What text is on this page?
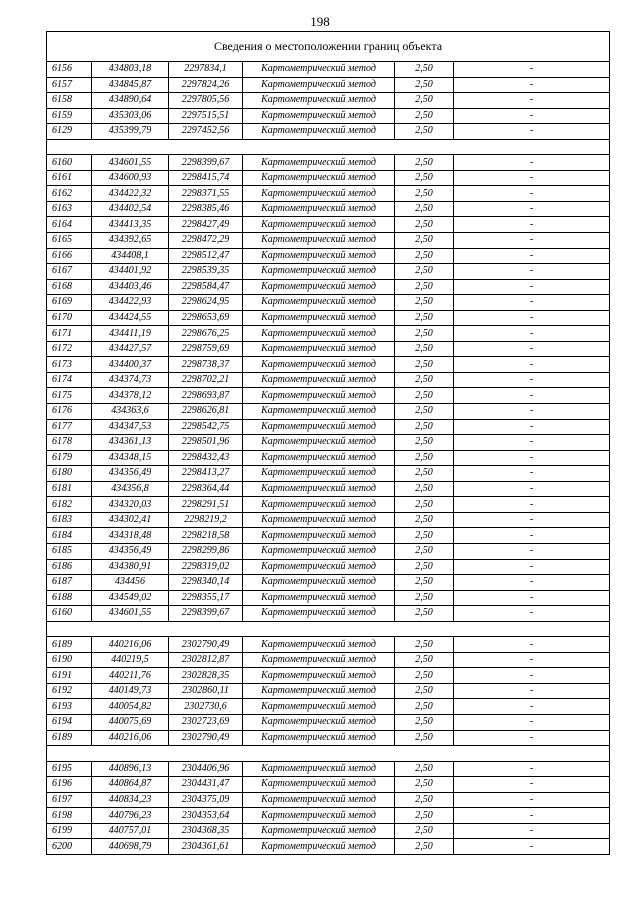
198
Сведения о местоположении границ объекта					
6156	434803,18	2297834,1	Картометрический метод	2,50	-
6157	434845,87	2297824,26	Картометрический метод	2,50	-
6158	434890,64	2297805,56	Картометрический метод	2,50	-
6159	435303,06	2297515,51	Картометрический метод	2,50	-
6129	435399,79	2297452,56	Картометрический метод	2,50	-

6160	434601,55	2298399,67	Картометрический метод	2,50	-
6161	434600,93	2298415,74	Картометрический метод	2,50	-
6162	434422,32	2298371,55	Картометрический метод	2,50	-
6163	434402,54	2298385,46	Картометрический метод	2,50	-
6164	434413,35	2298427,49	Картометрический метод	2,50	-
6165	434392,65	2298472,29	Картометрический метод	2,50	-
6166	434408,1	2298512,47	Картометрический метод	2,50	-
6167	434401,92	2298539,35	Картометрический метод	2,50	-
6168	434403,46	2298584,47	Картометрический метод	2,50	-
6169	434422,93	2298624,95	Картометрический метод	2,50	-
6170	434424,55	2298653,69	Картометрический метод	2,50	-
6171	434411,19	2298676,25	Картометрический метод	2,50	-
6172	434427,57	2298759,69	Картометрический метод	2,50	-
6173	434400,37	2298738,37	Картометрический метод	2,50	-
6174	434374,73	2298702,21	Картометрический метод	2,50	-
6175	434378,12	2298693,87	Картометрический метод	2,50	-
6176	434363,6	2298626,81	Картометрический метод	2,50	-
6177	434347,53	2298542,75	Картометрический метод	2,50	-
6178	434361,13	2298501,96	Картометрический метод	2,50	-
6179	434348,15	2298432,43	Картометрический метод	2,50	-
6180	434356,49	2298413,27	Картометрический метод	2,50	-
6181	434356,8	2298364,44	Картометрический метод	2,50	-
6182	434320,03	2298291,51	Картометрический метод	2,50	-
6183	434302,41	2298219,2	Картометрический метод	2,50	-
6184	434318,48	2298218,58	Картометрический метод	2,50	-
6185	434356,49	2298299,86	Картометрический метод	2,50	-
6186	434380,91	2298319,02	Картометрический метод	2,50	-
6187	434456	2298340,14	Картометрический метод	2,50	-
6188	434549,02	2298355,17	Картометрический метод	2,50	-
6160	434601,55	2298399,67	Картометрический метод	2,50	-

6189	440216,06	2302790,49	Картометрический метод	2,50	-
6190	440219,5	2302812,87	Картометрический метод	2,50	-
6191	440211,76	2302828,35	Картометрический метод	2,50	-
6192	440149,73	2302860,11	Картометрический метод	2,50	-
6193	440054,82	2302730,6	Картометрический метод	2,50	-
6194	440075,69	2302723,69	Картометрический метод	2,50	-
6189	440216,06	2302790,49	Картометрический метод	2,50	-

6195	440896,13	2304406,96	Картометрический метод	2,50	-
6196	440864,87	2304431,47	Картометрический метод	2,50	-
6197	440834,23	2304375,09	Картометрический метод	2,50	-
6198	440796,23	2304353,64	Картометрический метод	2,50	-
6199	440757,01	2304368,35	Картометрический метод	2,50	-
6200	440698,79	2304361,61	Картометрический метод	2,50	-
